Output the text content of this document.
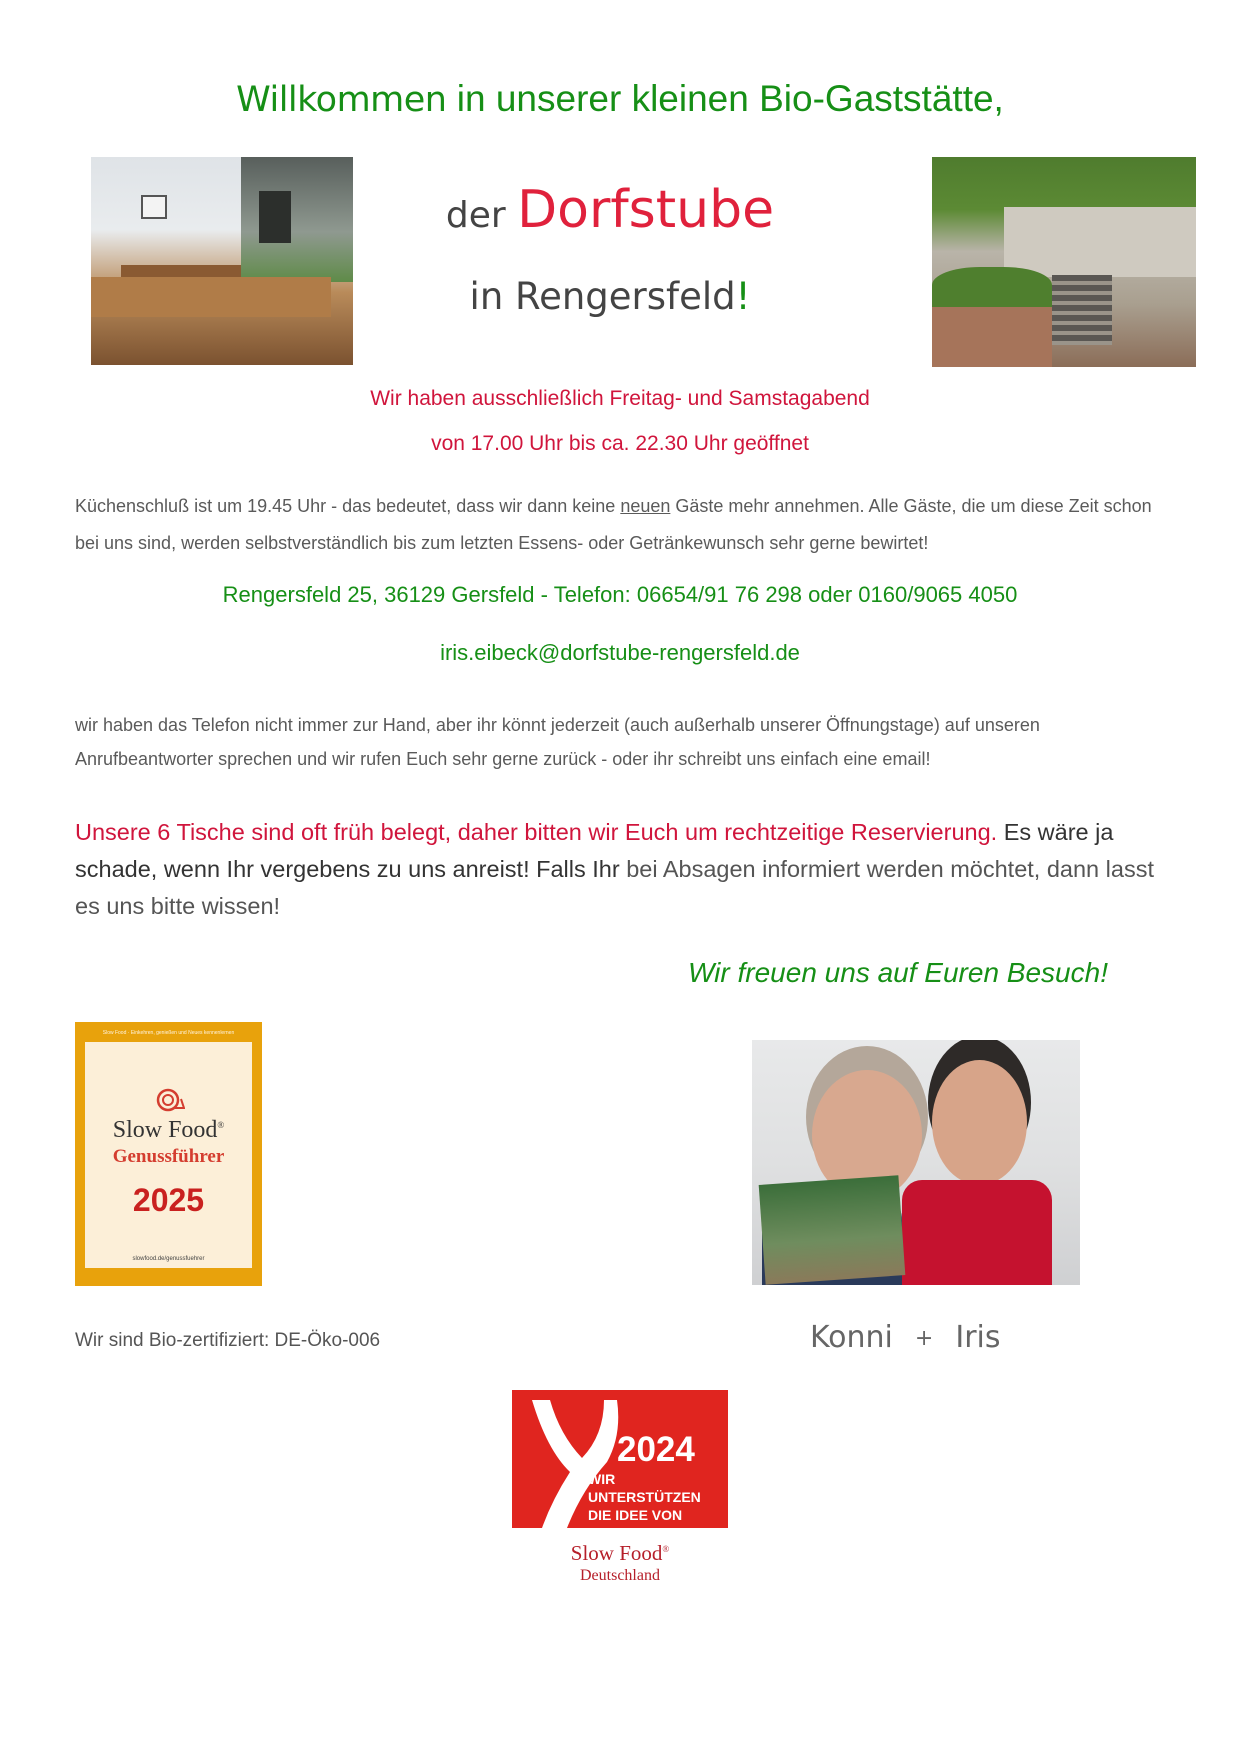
Willkommen in unserer kleinen Bio-Gaststätte,
der Dorfstube
in Rengersfeld!
Wir haben ausschließlich Freitag- und Samstagabend
von 17.00 Uhr bis ca. 22.30 Uhr geöffnet
Küchenschluß ist um 19.45 Uhr - das bedeutet, dass wir dann keine neuen Gäste mehr annehmen. Alle Gäste, die um diese Zeit schon bei uns sind, werden selbstverständlich bis zum letzten Essens- oder Getränkewunsch sehr gerne bewirtet!
Rengersfeld 25, 36129 Gersfeld - Telefon: 06654/91 76 298 oder 0160/9065 4050
iris.eibeck@dorfstube-rengersfeld.de
wir haben das Telefon nicht immer zur Hand, aber ihr könnt jederzeit (auch außerhalb unserer Öffnungstage) auf unseren Anrufbeantworter sprechen und wir rufen Euch sehr gerne zurück - oder ihr schreibt uns einfach eine email!
Unsere 6 Tische sind oft früh belegt, daher bitten wir Euch um rechtzeitige Reservierung. Es wäre ja schade, wenn Ihr vergebens zu uns anreist! Falls Ihr bei Absagen informiert werden möchtet, dann lasst es uns bitte wissen!
Wir freuen uns auf Euren Besuch!
Slow Food · Einkehren, genießen und Neues kennenlernen
Slow Food®
Genussführer
2025
slowfood.de/genussfuehrer
Wir sind Bio-zertifiziert: DE-Öko-006	Konni + Iris
2024
WIR
UNTERSTÜTZEN
DIE IDEE VON
Slow Food®
Deutschland
